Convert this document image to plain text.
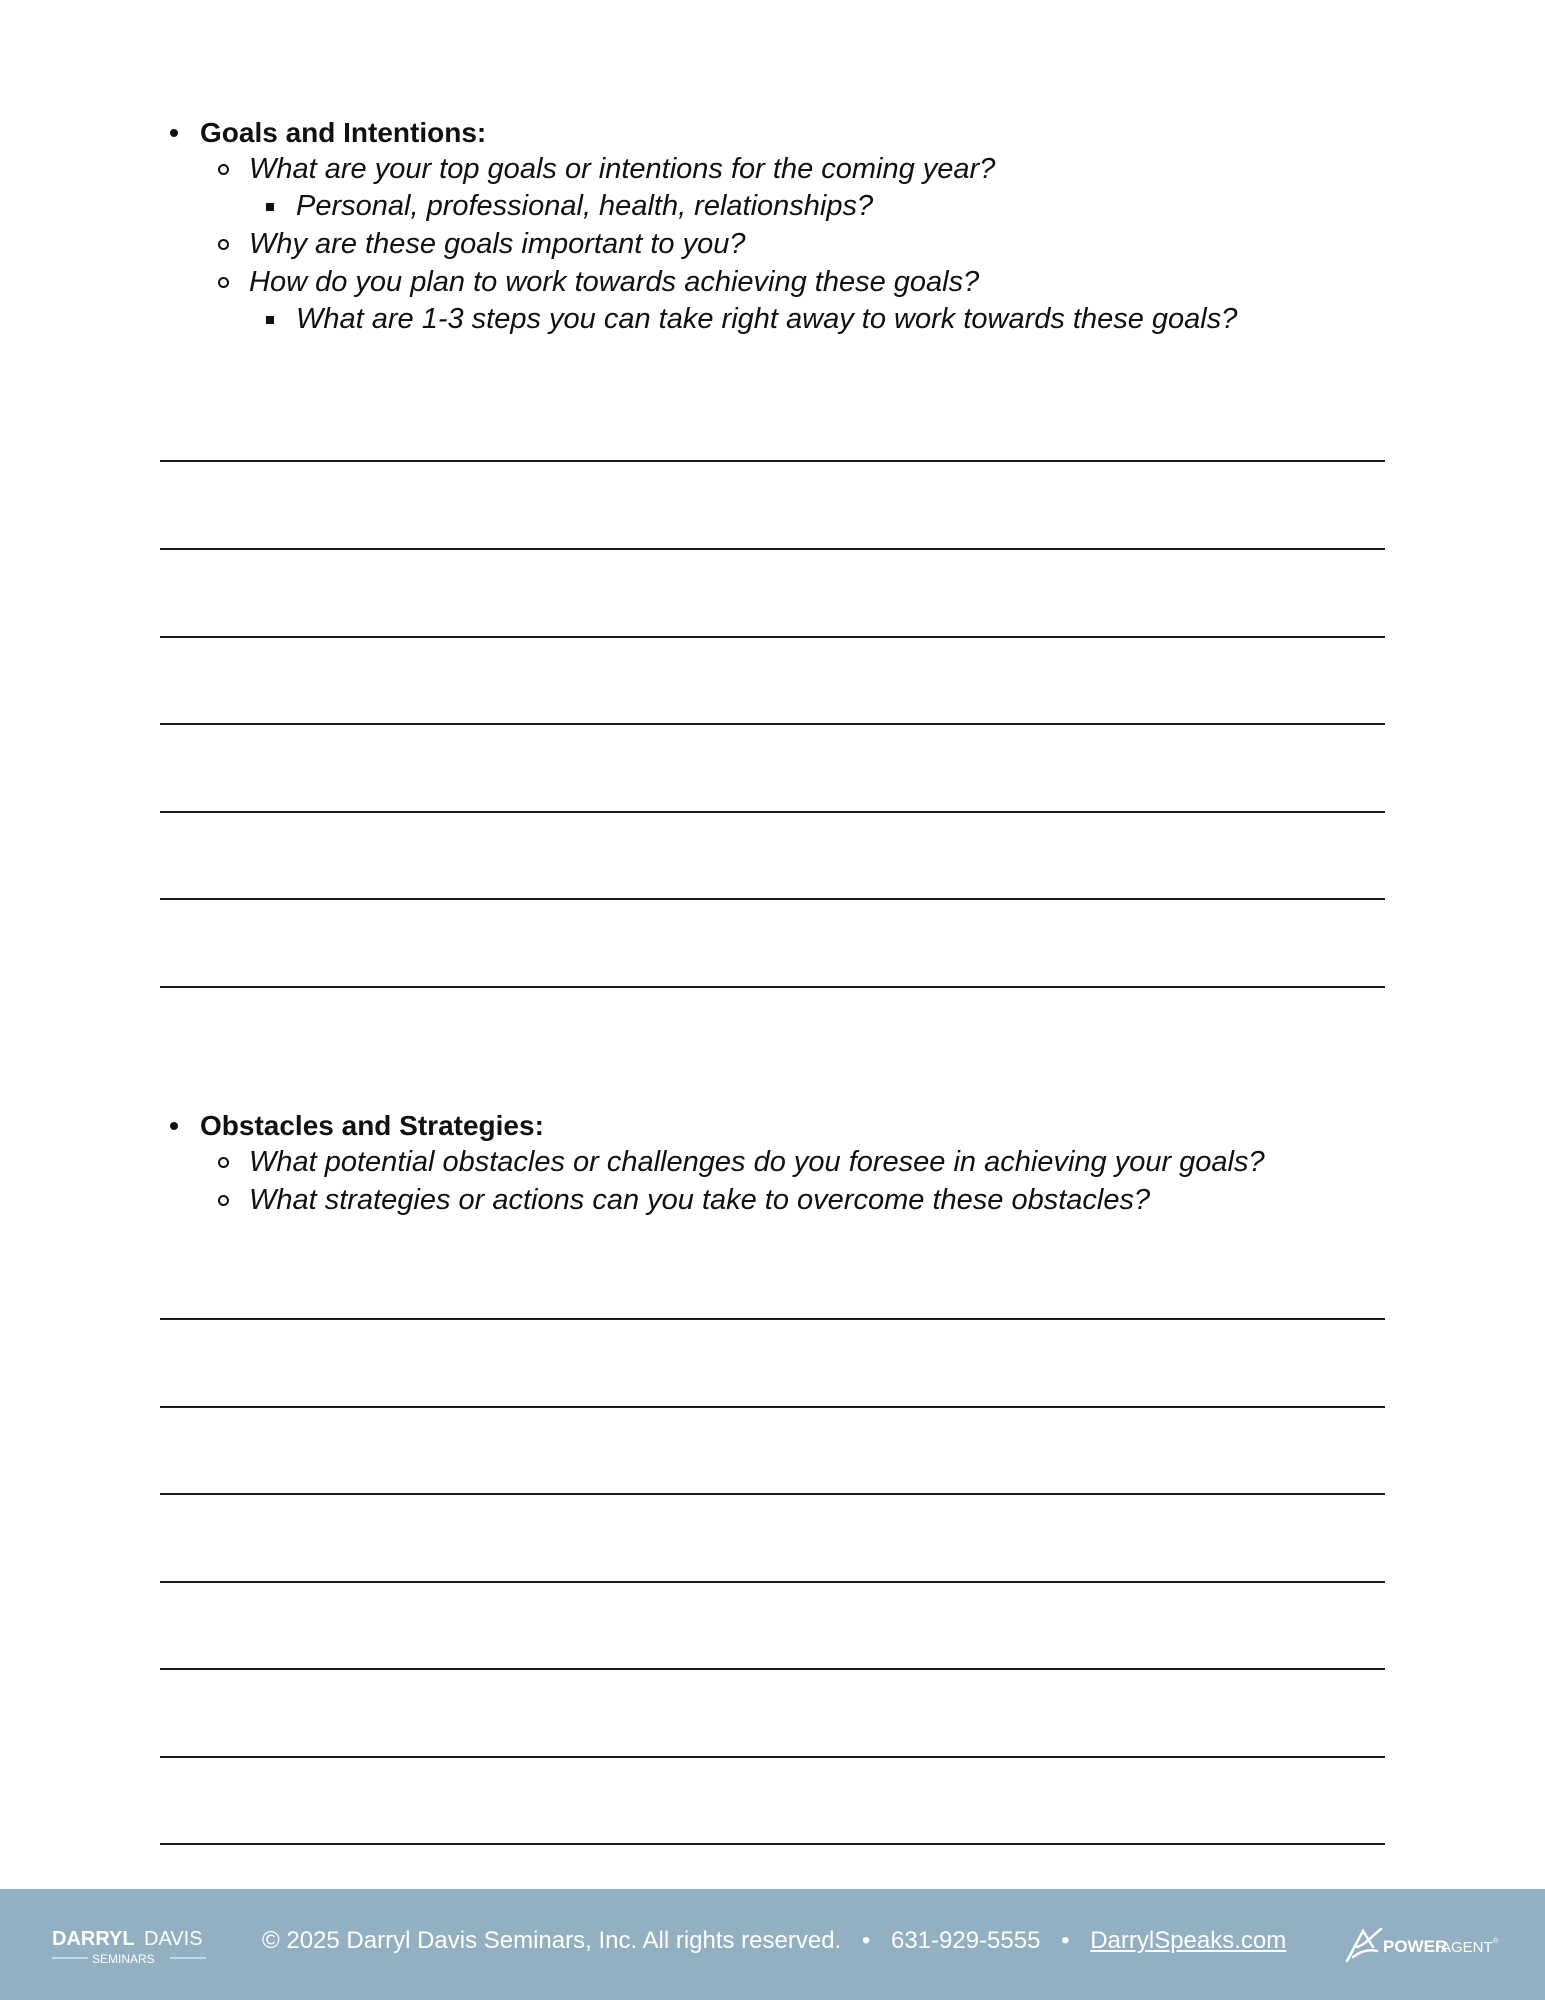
Goals and Intentions:
What are your top goals or intentions for the coming year?
Personal, professional, health, relationships?
Why are these goals important to you?
How do you plan to work towards achieving these goals?
What are 1-3 steps you can take right away to work towards these goals?
Obstacles and Strategies:
What potential obstacles or challenges do you foresee in achieving your goals?
What strategies or actions can you take to overcome these obstacles?
DARRYL DAVIS
SEMINARS
© 2025 Darryl Davis Seminars, Inc. All rights reserved. • 631-929-5555 • DarrylSpeaks.com	POWER
AGENT ®
